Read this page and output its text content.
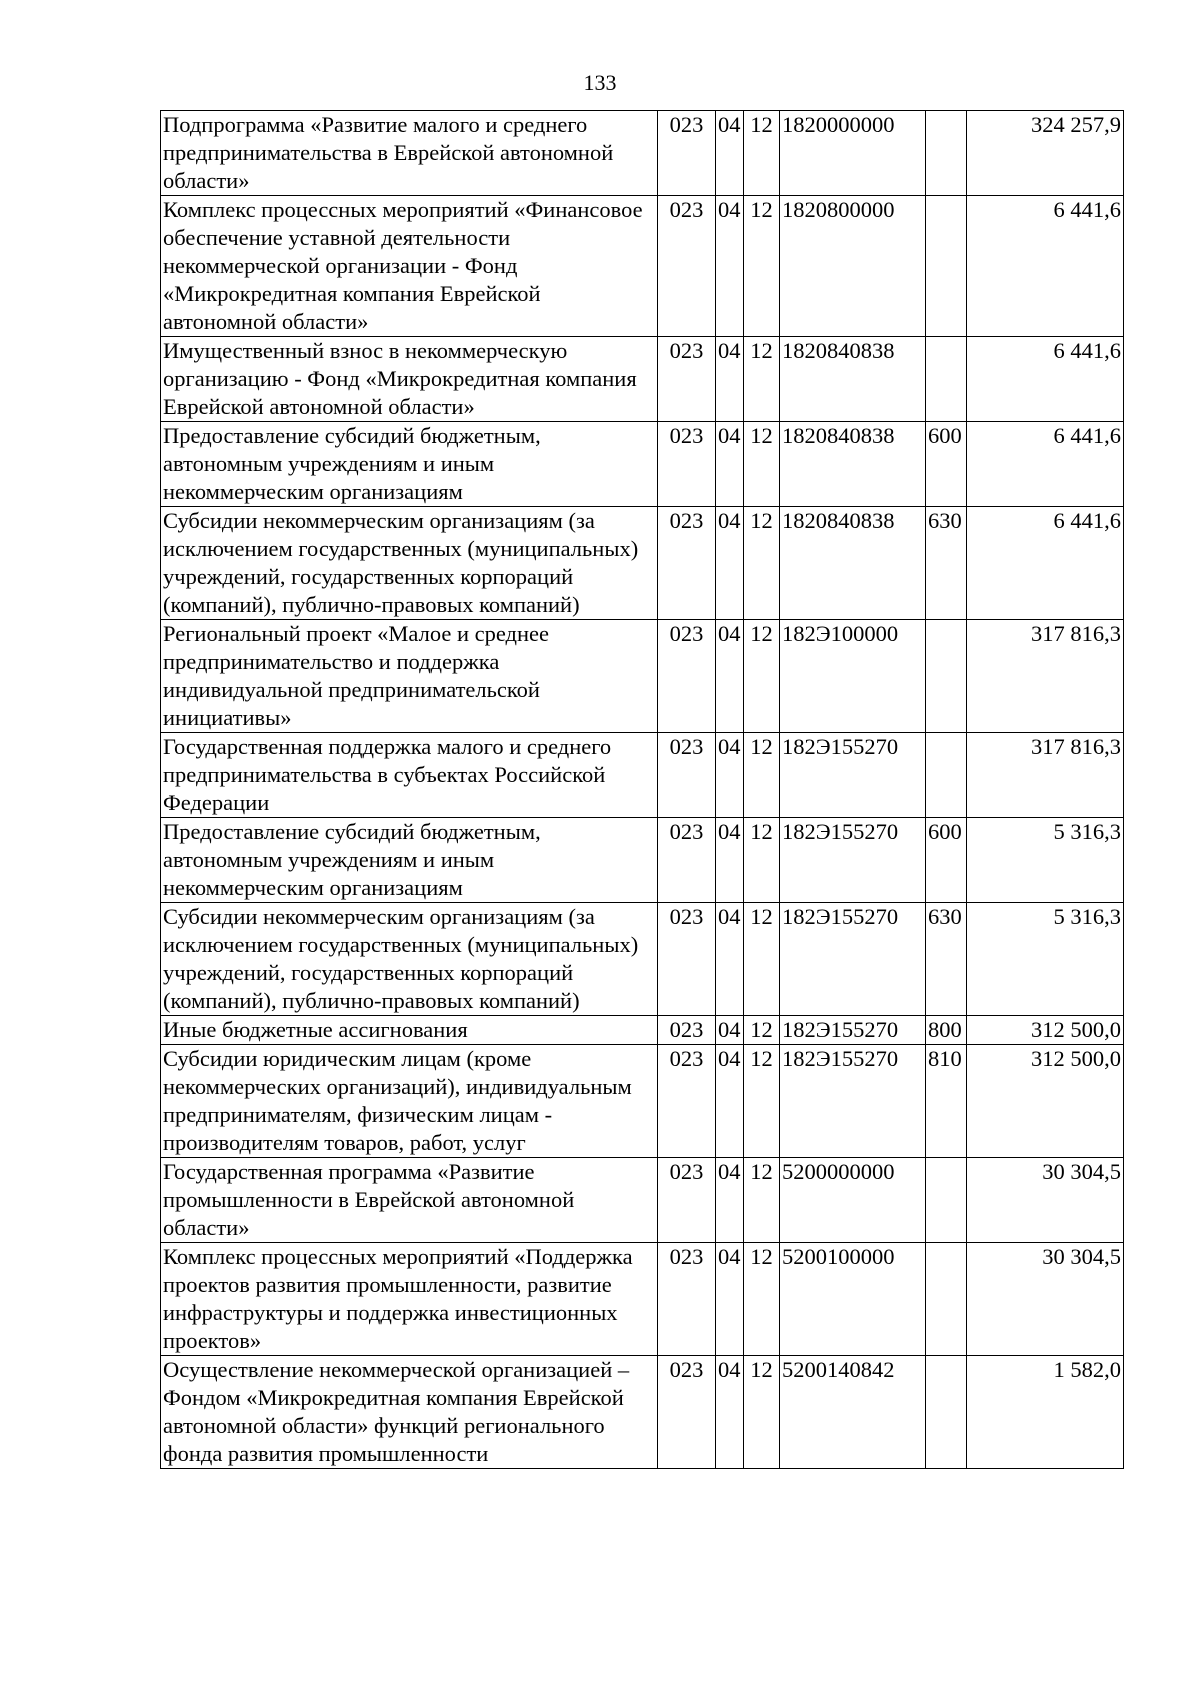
133
Подпрограмма «Развитие малого и среднего предпринимательства в Еврейской автономной области»	023	04	12	1820000000		324 257,9
Комплекс процессных мероприятий «Финансовое обеспечение уставной деятельности некоммерческой организации - Фонд «Микрокредитная компания Еврейской автономной области»	023	04	12	1820800000		6 441,6
Имущественный взнос в некоммерческую организацию - Фонд «Микрокредитная компания Еврейской автономной области»	023	04	12	1820840838		6 441,6
Предоставление субсидий бюджетным, автономным учреждениям и иным некоммерческим организациям	023	04	12	1820840838	600	6 441,6
Субсидии некоммерческим организациям (за исключением государственных (муниципальных) учреждений, государственных корпораций (компаний), публично-правовых компаний)	023	04	12	1820840838	630	6 441,6
Региональный проект «Малое и среднее предпринимательство и поддержка индивидуальной предпринимательской инициативы»	023	04	12	182Э100000		317 816,3
Государственная поддержка малого и среднего предпринимательства в субъектах Российской Федерации	023	04	12	182Э155270		317 816,3
Предоставление субсидий бюджетным, автономным учреждениям и иным некоммерческим организациям	023	04	12	182Э155270	600	5 316,3
Субсидии некоммерческим организациям (за исключением государственных (муниципальных) учреждений, государственных корпораций (компаний), публично-правовых компаний)	023	04	12	182Э155270	630	5 316,3
Иные бюджетные ассигнования	023	04	12	182Э155270	800	312 500,0
Субсидии юридическим лицам (кроме некоммерческих организаций), индивидуальным предпринимателям, физическим лицам - производителям товаров, работ, услуг	023	04	12	182Э155270	810	312 500,0
Государственная программа «Развитие промышленности в Еврейской автономной области»	023	04	12	5200000000		30 304,5
Комплекс процессных мероприятий «Поддержка проектов развития промышленности, развитие инфраструктуры и поддержка инвестиционных проектов»	023	04	12	5200100000		30 304,5
Осуществление некоммерческой организацией – Фондом «Микрокредитная компания Еврейской автономной области» функций регионального фонда развития промышленности	023	04	12	5200140842		1 582,0
